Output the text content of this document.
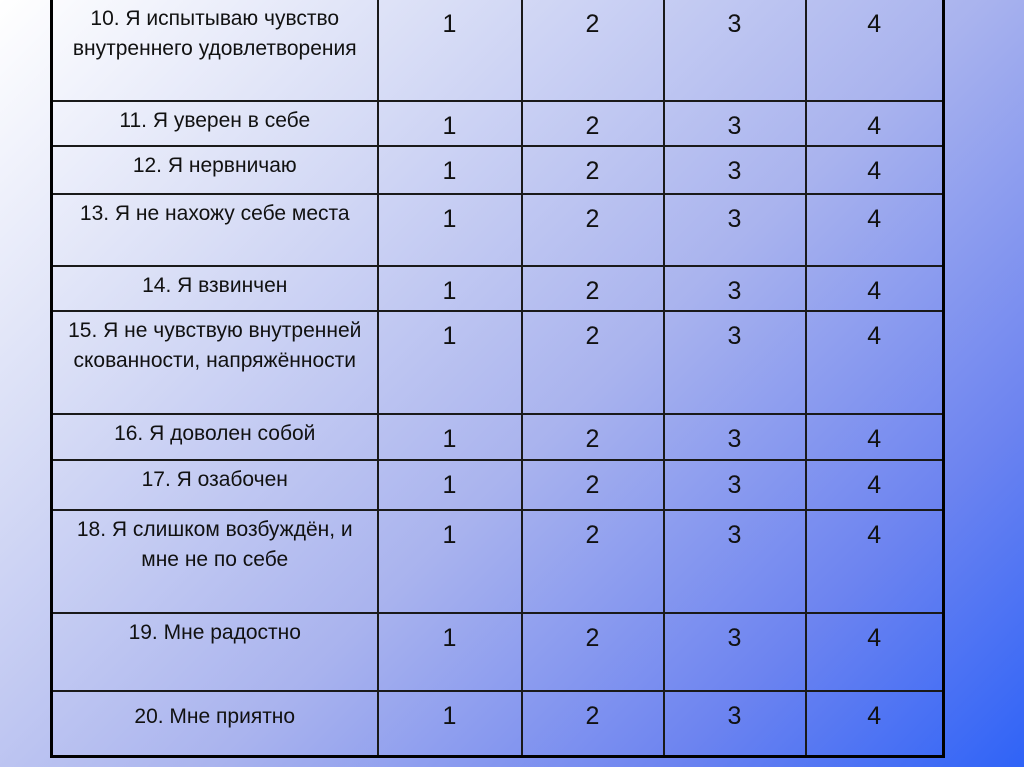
10. Я испытываю чувство внутреннего удовлетворения	1	2	3	4
11. Я уверен в себе	1	2	3	4
12. Я нервничаю	1	2	3	4
13. Я не нахожу себе места	1	2	3	4
14. Я взвинчен	1	2	3	4
15. Я не чувствую внутренней скованности, напряжённости	1	2	3	4
16. Я доволен собой	1	2	3	4
17. Я озабочен	1	2	3	4
18. Я слишком возбуждён, и мне не по себе	1	2	3	4
19. Мне радостно	1	2	3	4
20. Мне приятно	1	2	3	4
